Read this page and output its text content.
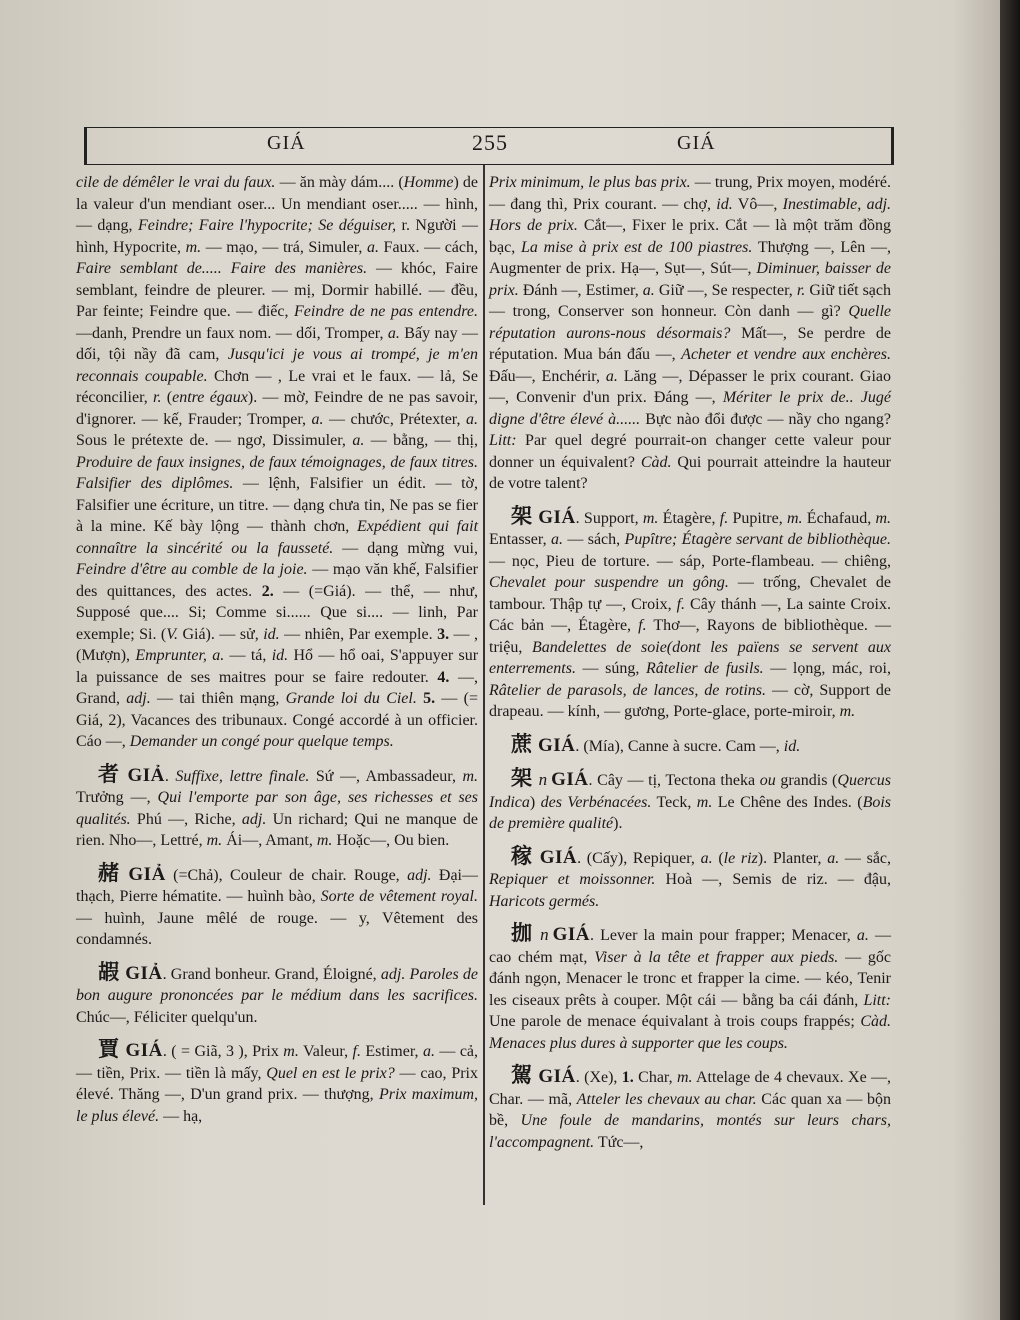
GIÁ	255	GIÁ

cile de démêler le vrai du faux. — ăn mày dám.... (Homme) de la valeur d'un mendiant oser... Un mendiant oser..... — hình, — dạng, Feindre; Faire l'hypocrite; Se déguiser, r. Người — hình, Hypocrite, m. — mạo, — trá, Simuler, a. Faux. — cách, Faire semblant de..... Faire des manières. — khóc, Faire semblant, feindre de pleurer. — mị, Dormir habillé. — đều, Par feinte; Feindre que. — điếc, Feindre de ne pas entendre.—danh, Prendre un faux nom. — dối, Tromper, a. Bấy nay — dối, tội nầy đã cam, Jusqu'ici je vous ai trompé, je m'en reconnais coupable. Chơn — , Le vrai et le faux. — lả, Se réconcilier, r. (entre égaux). — mờ, Feindre de ne pas savoir, d'ignorer. — kế, Frauder; Tromper, a. — chước, Prétexter, a. Sous le prétexte de. — ngơ, Dissimuler, a. — bằng, — thị, Produire de faux insignes, de faux témoignages, de faux titres. Falsifier des diplômes. — lệnh, Falsifier un édit. — tờ, Falsifier une écriture, un titre. — dạng chưa tin, Ne pas se fier à la mine. Kế bày lộng — thành chơn, Expédient qui fait connaître la sincérité ou la fausseté. — dạng mừng vui, Feindre d'être au comble de la joie. — mạo văn khế, Falsifier des quittances, des actes. 2. — (=Giá). — thể, — như, Supposé que.... Si; Comme si...... Que si.... — linh, Par exemple; Si. (V. Giá). — sử, id. — nhiên, Par exemple. 3. — , (Mượn), Emprunter, a. — tá, id. Hổ — hổ oai, S'appuyer sur la puissance de ses maitres pour se faire redouter. 4. —, Grand, adj. — tai thiên mạng, Grande loi du Ciel. 5. — (= Giá, 2), Vacances des tribunaux. Congé accordé à un officier. Cáo —, Demander un congé pour quelque temps.

者 GIẢ. Suffixe, lettre finale. Sứ —, Ambassadeur, m. Trưởng —, Qui l'emporte par son âge, ses richesses et ses qualités. Phú —, Riche, adj. Un richard; Qui ne manque de rien. Nho—, Lettré, m. Ái—, Amant, m. Hoặc—, Ou bien.

赭 GIẢ (=Chả), Couleur de chair. Rouge, adj. Đại—thạch, Pierre hématite. — huình bào, Sorte de vêtement royal. — huình, Jaune mêlé de rouge. — y, Vêtement des condamnés.

嘏 GIẢ. Grand bonheur. Grand, Éloigné, adj. Paroles de bon augure prononcées par le médium dans les sacrifices. Chúc—, Féliciter quelqu'un.

賈 GIÁ. ( = Giã, 3 ), Prix m. Valeur, f. Estimer, a. — cả, — tiền, Prix. — tiền là mấy, Quel en est le prix? — cao, Prix élevé. Thăng —, D'un grand prix. — thượng, Prix maximum, le plus élevé. — hạ,

Prix minimum, le plus bas prix. — trung, Prix moyen, modéré. — đang thì, Prix courant. — chợ, id. Vô—, Inestimable, adj. Hors de prix. Cắt—, Fixer le prix. Cắt — là một trăm đồng bạc, La mise à prix est de 100 piastres. Thượng —, Lên —, Augmenter de prix. Hạ—, Sụt—, Sút—, Diminuer, baisser de prix. Đánh —, Estimer, a. Giữ —, Se respecter, r. Giữ tiết sạch — trong, Conserver son honneur. Còn danh — gì? Quelle réputation aurons-nous désormais? Mất—, Se perdre de réputation. Mua bán đấu —, Acheter et vendre aux enchères. Đấu—, Enchérir, a. Lăng —, Dépasser le prix courant. Giao —, Convenir d'un prix. Đáng —, Mériter le prix de.. Jugé digne d'être élevé à...... Bực nào đổi được — nầy cho ngang? Litt: Par quel degré pourrait-on changer cette valeur pour donner un équivalent? Càd. Qui pourrait atteindre la hauteur de votre talent?

架 GIÁ. Support, m. Étagère, f. Pupitre, m. Échafaud, m. Entasser, a. — sách, Pupître; Étagère servant de bibliothèque. — nọc, Pieu de torture. — sáp, Porte-flambeau. — chiêng, Chevalet pour suspendre un gông. — trống, Chevalet de tambour. Thập tự —, Croix, f. Cây thánh —, La sainte Croix. Các bản —, Étagère, f. Thơ—, Rayons de bibliothèque. — triệu, Bandelettes de soie(dont les païens se servent aux enterrements. — súng, Râtelier de fusils. — lọng, mác, roi, Râtelier de parasols, de lances, de rotins. — cờ, Support de drapeau. — kính, — gương, Porte-glace, porte-miroir, m.

蔗 GIÁ. (Mía), Canne à sucre. Cam —, id.

架 n GIÁ. Cây — tị, Tectona theka ou grandis (Quercus Indica) des Verbénacées. Teck, m. Le Chêne des Indes. (Bois de première qualité).

稼 GIÁ. (Cấy), Repiquer, a. (le riz). Planter, a. — sắc, Repiquer et moissonner. Hoà —, Semis de riz. — đậu, Haricots germés.

拁 n GIÁ. Lever la main pour frapper; Menacer, a. — cao chém mạt, Viser à la tête et frapper aux pieds. — gốc đánh ngọn, Menacer le tronc et frapper la cime. — kéo, Tenir les ciseaux prêts à couper. Một cái — bằng ba cái đánh, Litt: Une parole de menace équivalant à trois coups frappés; Càd. Menaces plus dures à supporter que les coups.

駕 GIÁ. (Xe), 1. Char, m. Attelage de 4 chevaux. Xe —, Char. — mã, Atteler les chevaux au char. Các quan xa — bộn bề, Une foule de mandarins, montés sur leurs chars, l'accompagnent. Tức—,
